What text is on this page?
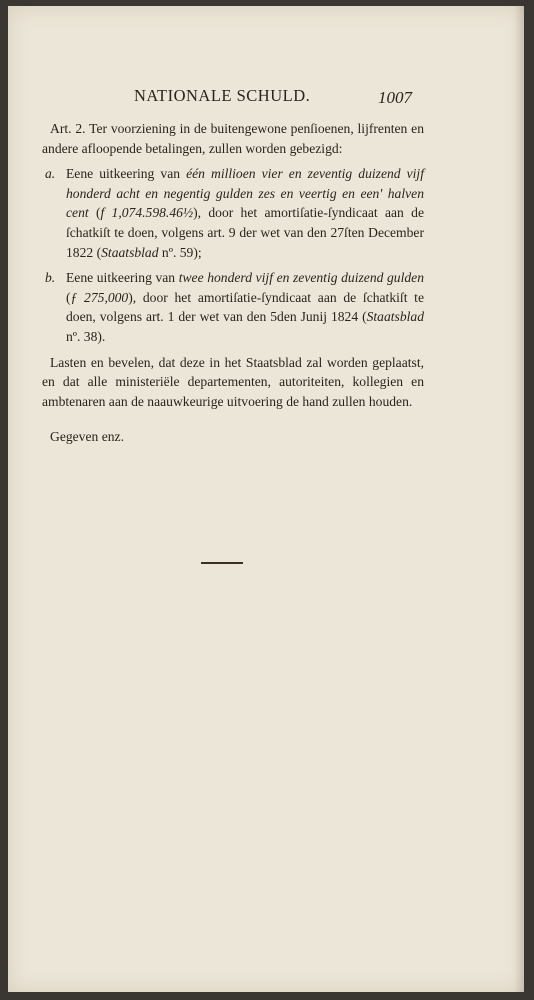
NATIONALE SCHULD.	1007

Art. 2. Ter voorziening in de buitengewone penſioenen, lijfrenten en andere afloopende betalingen, zullen worden gebezigd:

a. Eene uitkeering van één millioen vier en zeventig duizend vijf honderd acht en negentig gulden zes en veertig en een' halven cent (f 1,074.598.46½), door het amortiſatie-ſyndicaat aan de ſchatkiſt te doen, volgens art. 9 der wet van den 27ſten December 1822 (Staatsblad nº. 59);

b. Eene uitkeering van twee honderd vijf en zeventig duizend gulden (ƒ 275,000), door het amortiſatie-ſyndicaat aan de ſchatkiſt te doen, volgens art. 1 der wet van den 5den Junij 1824 (Staatsblad nº. 38).

Lasten en bevelen, dat deze in het Staatsblad zal worden geplaatst, en dat alle ministeriële departementen, autoriteiten, kollegien en ambtenaren aan de naauwkeurige uitvoering de hand zullen houden.

Gegeven enz.
